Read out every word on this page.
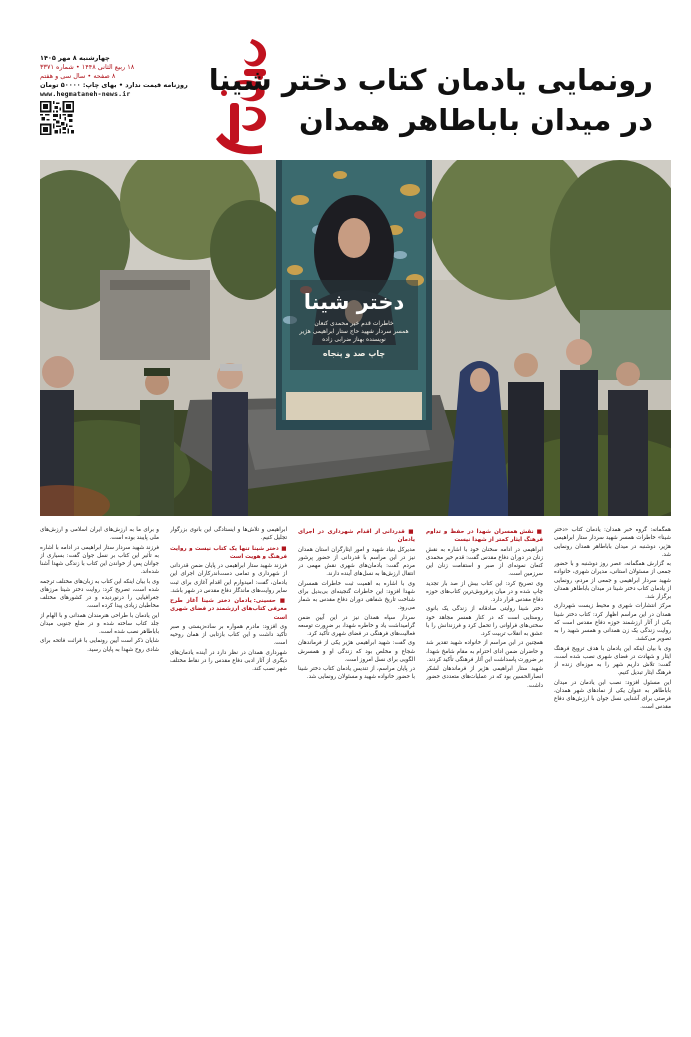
چهارشنبه ۸ مهر ۱۴۰۵
۱۸ ربیع الثانی ۱۴۴۸ • شماره ۳۳۷۱
۸ صفحه • سال سی و هفتم
روزنامه قیمت ندارد • بهای چاپ: ۵۰۰۰۰ تومان
www.hegmataneh-news.ir	رونمایی یادمان کتاب دختر شینا
در میدان باباطاهر همدان
دختر شینا
خاطرات قدم خیر محمدی کنعان
همسر سردار شهید حاج ستار ابراهیمی هژیر
نویسنده بهناز ضرابی زاده
چاپ صد و پنجاه

همگمانه: گروه خبر همدان: یادمان کتاب «دختر شینا» خاطرات همسر شهید سردار ستار ابراهیمی هژیر، دوشنبه در میدان باباطاهر همدان رونمایی شد.

به گزارش همگمانه، عصر روز دوشنبه و با حضور جمعی از مسئولان استانی، مدیران شهری، خانواده شهید سردار ابراهیمی و جمعی از مردم، رونمایی از یادمان کتاب دختر شینا در میدان باباطاهر همدان برگزار شد.

مرکز انتشارات شهری و محیط زیست شهرداری همدان در این مراسم اظهار کرد: کتاب دختر شینا یکی از آثار ارزشمند حوزه دفاع مقدس است که روایت زندگی یک زن همدانی و همسر شهید را به تصویر می‌کشد.

وی با بیان اینکه این یادمان با هدف ترویج فرهنگ ایثار و شهادت در فضای شهری نصب شده است، گفت: تلاش داریم شهر را به موزه‌ای زنده از فرهنگ ایثار تبدیل کنیم.

این مسئول افزود: نصب این یادمان در میدان باباطاهر به عنوان یکی از نمادهای شهر همدان، فرصتی برای آشنایی نسل جوان با ارزش‌های دفاع مقدس است.

■ نقش همسران شهدا در حفظ و تداوم فرهنگ ایثار کمتر از شهدا نیست

ابراهیمی در ادامه سخنان خود با اشاره به نقش زنان در دوران دفاع مقدس گفت: قدم خیر محمدی کنعان نمونه‌ای از صبر و استقامت زنان این سرزمین است.

وی تصریح کرد: این کتاب بیش از صد بار تجدید چاپ شده و در میان پرفروش‌ترین کتاب‌های حوزه دفاع مقدس قرار دارد.

دختر شینا روایتی صادقانه از زندگی یک بانوی روستایی است که در کنار همسر مجاهد خود سختی‌های فراوانی را تحمل کرد و فرزندانش را با عشق به انقلاب تربیت کرد.

همچنین در این مراسم از خانواده شهید تقدیر شد و حاضران ضمن ادای احترام به مقام شامخ شهدا، بر ضرورت پاسداشت این آثار فرهنگی تأکید کردند.

شهید ستار ابراهیمی هژیر از فرماندهان لشکر انصارالحسین بود که در عملیات‌های متعددی حضور داشت.

■ قدردانی از اقدام شهرداری در اجرای یادمان

مدیرکل بنیاد شهید و امور ایثارگران استان همدان نیز در این مراسم با قدردانی از حضور پرشور مردم گفت: یادمان‌های شهری نقش مهمی در انتقال ارزش‌ها به نسل‌های آینده دارند.

وی با اشاره به اهمیت ثبت خاطرات همسران شهدا افزود: این خاطرات گنجینه‌ای بی‌بدیل برای شناخت تاریخ شفاهی دوران دفاع مقدس به شمار می‌رود.

سردار سپاه همدان نیز در این آیین ضمن گرامیداشت یاد و خاطره شهدا، بر ضرورت توسعه فعالیت‌های فرهنگی در فضای شهری تأکید کرد.

وی گفت: شهید ابراهیمی هژیر یکی از فرماندهان شجاع و مخلص بود که زندگی او و همسرش الگویی برای نسل امروز است.

در پایان مراسم، از تندیس یادمان کتاب دختر شینا با حضور خانواده شهید و مسئولان رونمایی شد.

ابراهیمی و تلاش‌ها و ایستادگی این بانوی بزرگوار تجلیل کنیم.

■ دختر شینا تنها یک کتاب نیست و روایت فرهنگ و هویت است

فرزند شهید ستار ابراهیمی در پایان ضمن قدردانی از شهرداری و تمامی دست‌اندرکاران اجرای این یادمان، گفت: امیدوارم این اقدام آغازی برای ثبت سایر روایت‌های ماندگار دفاع مقدس در شهر باشد.

■ حسینی: یادمان دختر شینا آغاز طرح معرفی کتاب‌های ارزشمند در فضای شهری است

وی افزود: مادرم همواره بر ساده‌زیستی و صبر تأکید داشت و این کتاب بازتابی از همان روحیه است.

شهرداری همدان در نظر دارد در آینده یادمان‌های دیگری از آثار ادبی دفاع مقدس را در نقاط مختلف شهر نصب کند.

و برای ما به ارزش‌های ایران اسلامی و ارزش‌های ملی پایبند بوده است.

فرزند شهید سردار ستار ابراهیمی در ادامه با اشاره به تأثیر این کتاب بر نسل جوان گفت: بسیاری از جوانان پس از خواندن این کتاب با زندگی شهدا آشنا شده‌اند.

وی با بیان اینکه این کتاب به زبان‌های مختلف ترجمه شده است، تصریح کرد: روایت دختر شینا مرزهای جغرافیایی را درنوردیده و در کشورهای مختلف مخاطبان زیادی پیدا کرده است.

این یادمان با طراحی هنرمندان همدانی و با الهام از جلد کتاب ساخته شده و در ضلع جنوبی میدان باباطاهر نصب شده است.

شایان ذکر است آیین رونمایی با قرائت فاتحه برای شادی روح شهدا به پایان رسید.
